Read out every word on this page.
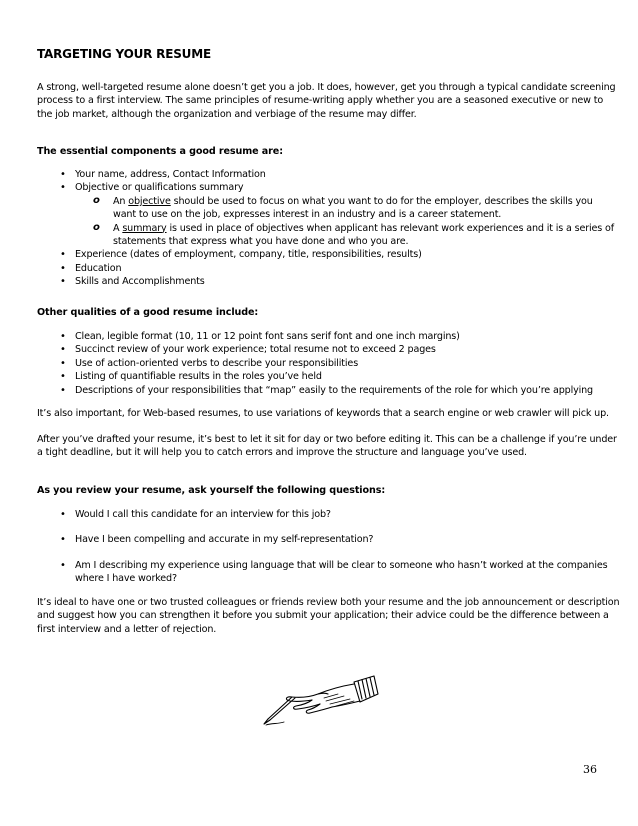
TARGETING YOUR RESUME
A strong, well-targeted resume alone doesn’t get you a job. It does, however, get you through a typical candidate screening process to a first interview. The same principles of resume-writing apply whether you are a seasoned executive or new to the job market, although the organization and verbiage of the resume may differ.
The essential components a good resume are:
• Your name, address, Contact Information
• Objective or qualifications summary
o An objective should be used to focus on what you want to do for the employer, describes the skills you want to use on the job, expresses interest in an industry and is a career statement.
o A summary is used in place of objectives when applicant has relevant work experiences and it is a series of statements that express what you have done and who you are.
• Experience (dates of employment, company, title, responsibilities, results)
• Education
• Skills and Accomplishments
Other qualities of a good resume include:
• Clean, legible format (10, 11 or 12 point font sans serif font and one inch margins)
• Succinct review of your work experience; total resume not to exceed 2 pages
• Use of action-oriented verbs to describe your responsibilities
• Listing of quantifiable results in the roles you’ve held
• Descriptions of your responsibilities that “map” easily to the requirements of the role for which you’re applying
It’s also important, for Web-based resumes, to use variations of keywords that a search engine or web crawler will pick up.
After you’ve drafted your resume, it’s best to let it sit for day or two before editing it. This can be a challenge if you’re under a tight deadline, but it will help you to catch errors and improve the structure and language you’ve used.
As you review your resume, ask yourself the following questions:
• Would I call this candidate for an interview for this job?
• Have I been compelling and accurate in my self-representation?
• Am I describing my experience using language that will be clear to someone who hasn’t worked at the companies where I have worked?
It’s ideal to have one or two trusted colleagues or friends review both your resume and the job announcement or description and suggest how you can strengthen it before you submit your application; their advice could be the difference between a first interview and a letter of rejection.
36
